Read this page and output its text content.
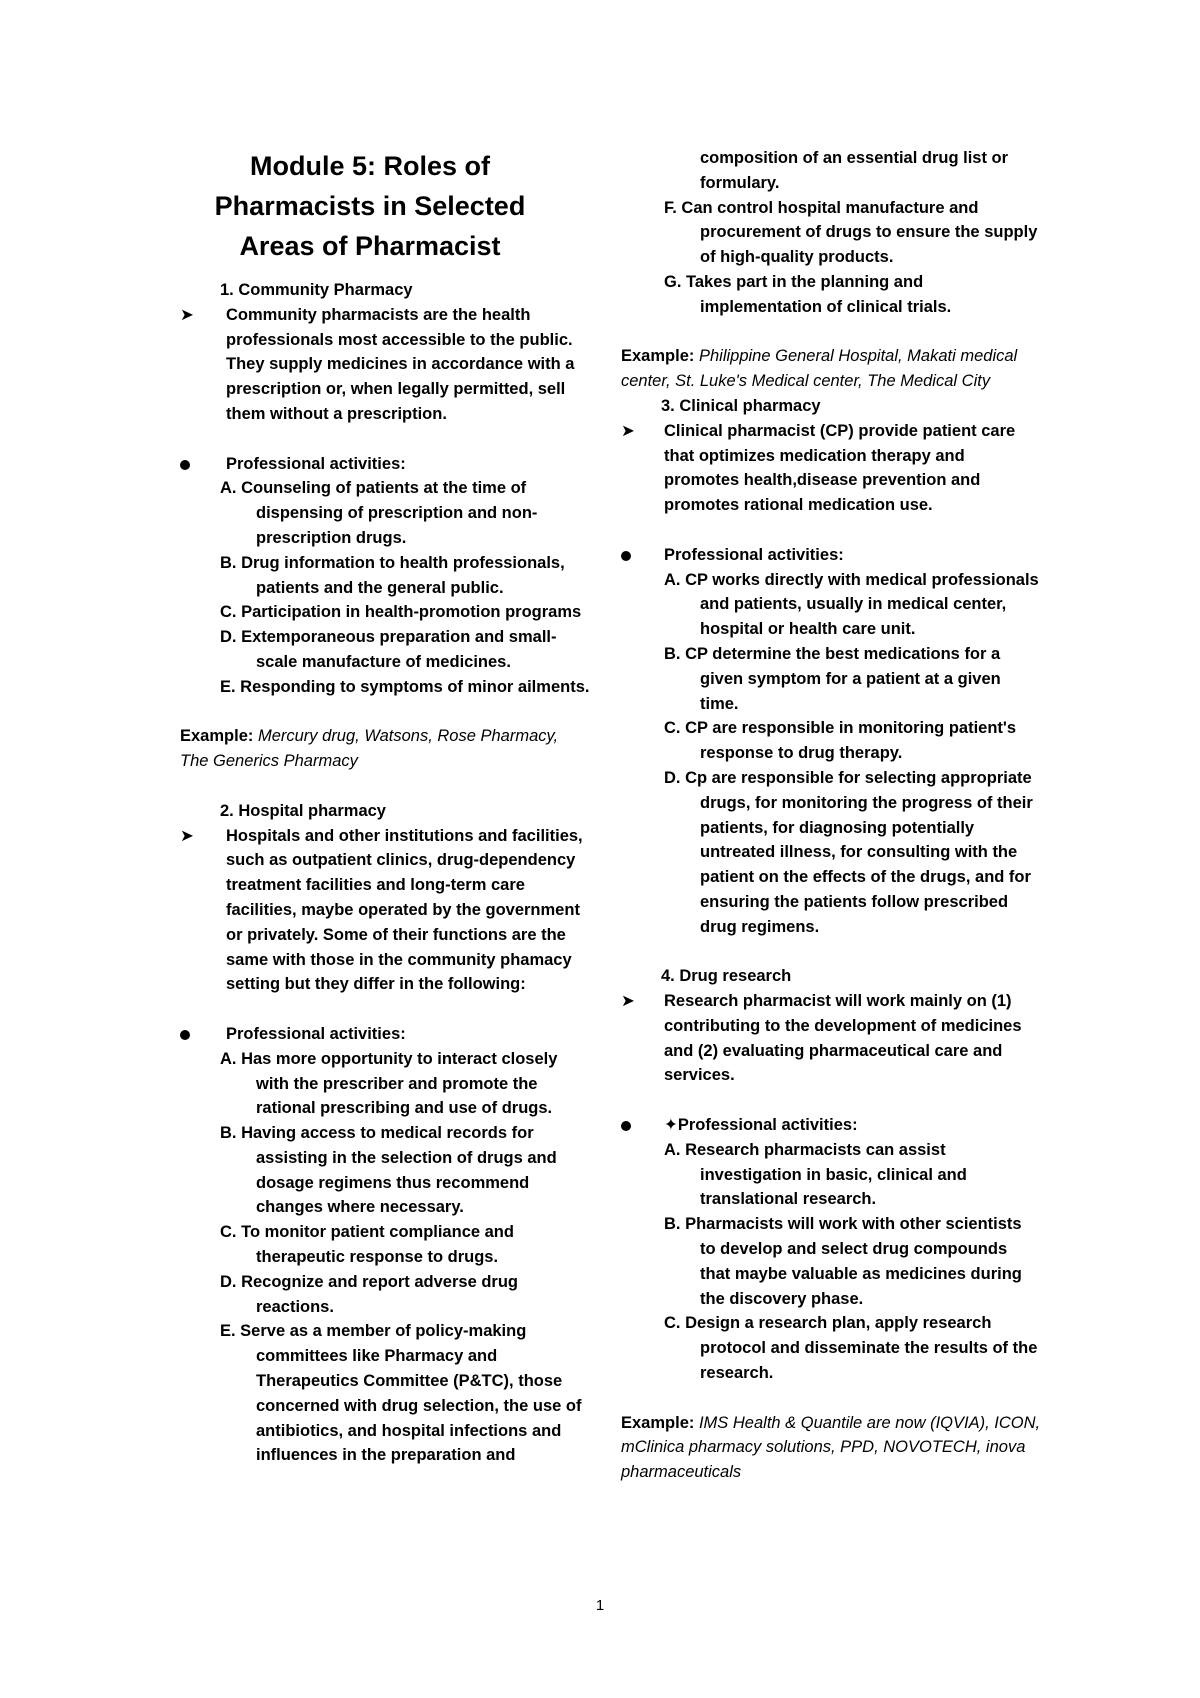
Module 5: Roles of
Pharmacists in Selected
Areas of Pharmacist
1. Community Pharmacy
➤	Community pharmacists are the health professionals most accessible to the public. They supply medicines in accordance with a prescription or, when legally permitted, sell them without a prescription.
Professional activities:
A. Counseling of patients at the time of dispensing of prescription and non-prescription drugs.
B. Drug information to health professionals, patients and the general public.
C. Participation in health-promotion programs
D. Extemporaneous preparation and small-scale manufacture of medicines.
E. Responding to symptoms of minor ailments.
Example: Mercury drug, Watsons, Rose Pharmacy, The Generics Pharmacy
2. Hospital pharmacy
➤	Hospitals and other institutions and facilities, such as outpatient clinics, drug-dependency treatment facilities and long-term care facilities, maybe operated by the government or privately. Some of their functions are the same with those in the community phamacy setting but they differ in the following:
Professional activities:
A. Has more opportunity to interact closely with the prescriber and promote the rational prescribing and use of drugs.
B. Having access to medical records for assisting in the selection of drugs and dosage regimens thus recommend changes where necessary.
C. To monitor patient compliance and therapeutic response to drugs.
D. Recognize and report adverse drug reactions.
E. Serve as a member of policy-making committees like Pharmacy and Therapeutics Committee (P&TC), those concerned with drug selection, the use of antibiotics, and hospital infections and influences in the preparation and
composition of an essential drug list or formulary.
F. Can control hospital manufacture and procurement of drugs to ensure the supply of high-quality products.
G. Takes part in the planning and implementation of clinical trials.
Example: Philippine General Hospital, Makati medical center, St. Luke's Medical center, The Medical City
3. Clinical pharmacy
➤	Clinical pharmacist (CP) provide patient care that optimizes medication therapy and promotes health,disease prevention and promotes rational medication use.
Professional activities:
A. CP works directly with medical professionals and patients, usually in medical center, hospital or health care unit.
B. CP determine the best medications for a given symptom for a patient at a given time.
C. CP are responsible in monitoring patient's response to drug therapy.
D. Cp are responsible for selecting appropriate drugs, for monitoring the progress of their patients, for diagnosing potentially untreated illness, for consulting with the patient on the effects of the drugs, and for ensuring the patients follow prescribed drug regimens.
4. Drug research
➤	Research pharmacist will work mainly on (1) contributing to the development of medicines and (2) evaluating pharmaceutical care and services.
✦ Professional activities:
A. Research pharmacists can assist investigation in basic, clinical and translational research.
B. Pharmacists will work with other scientists to develop and select drug compounds that maybe valuable as medicines during the discovery phase.
C. Design a research plan, apply research protocol and disseminate the results of the research.
Example: IMS Health & Quantile are now (IQVIA), ICON, mClinica pharmacy solutions, PPD, NOVOTECH, inova pharmaceuticals
1
